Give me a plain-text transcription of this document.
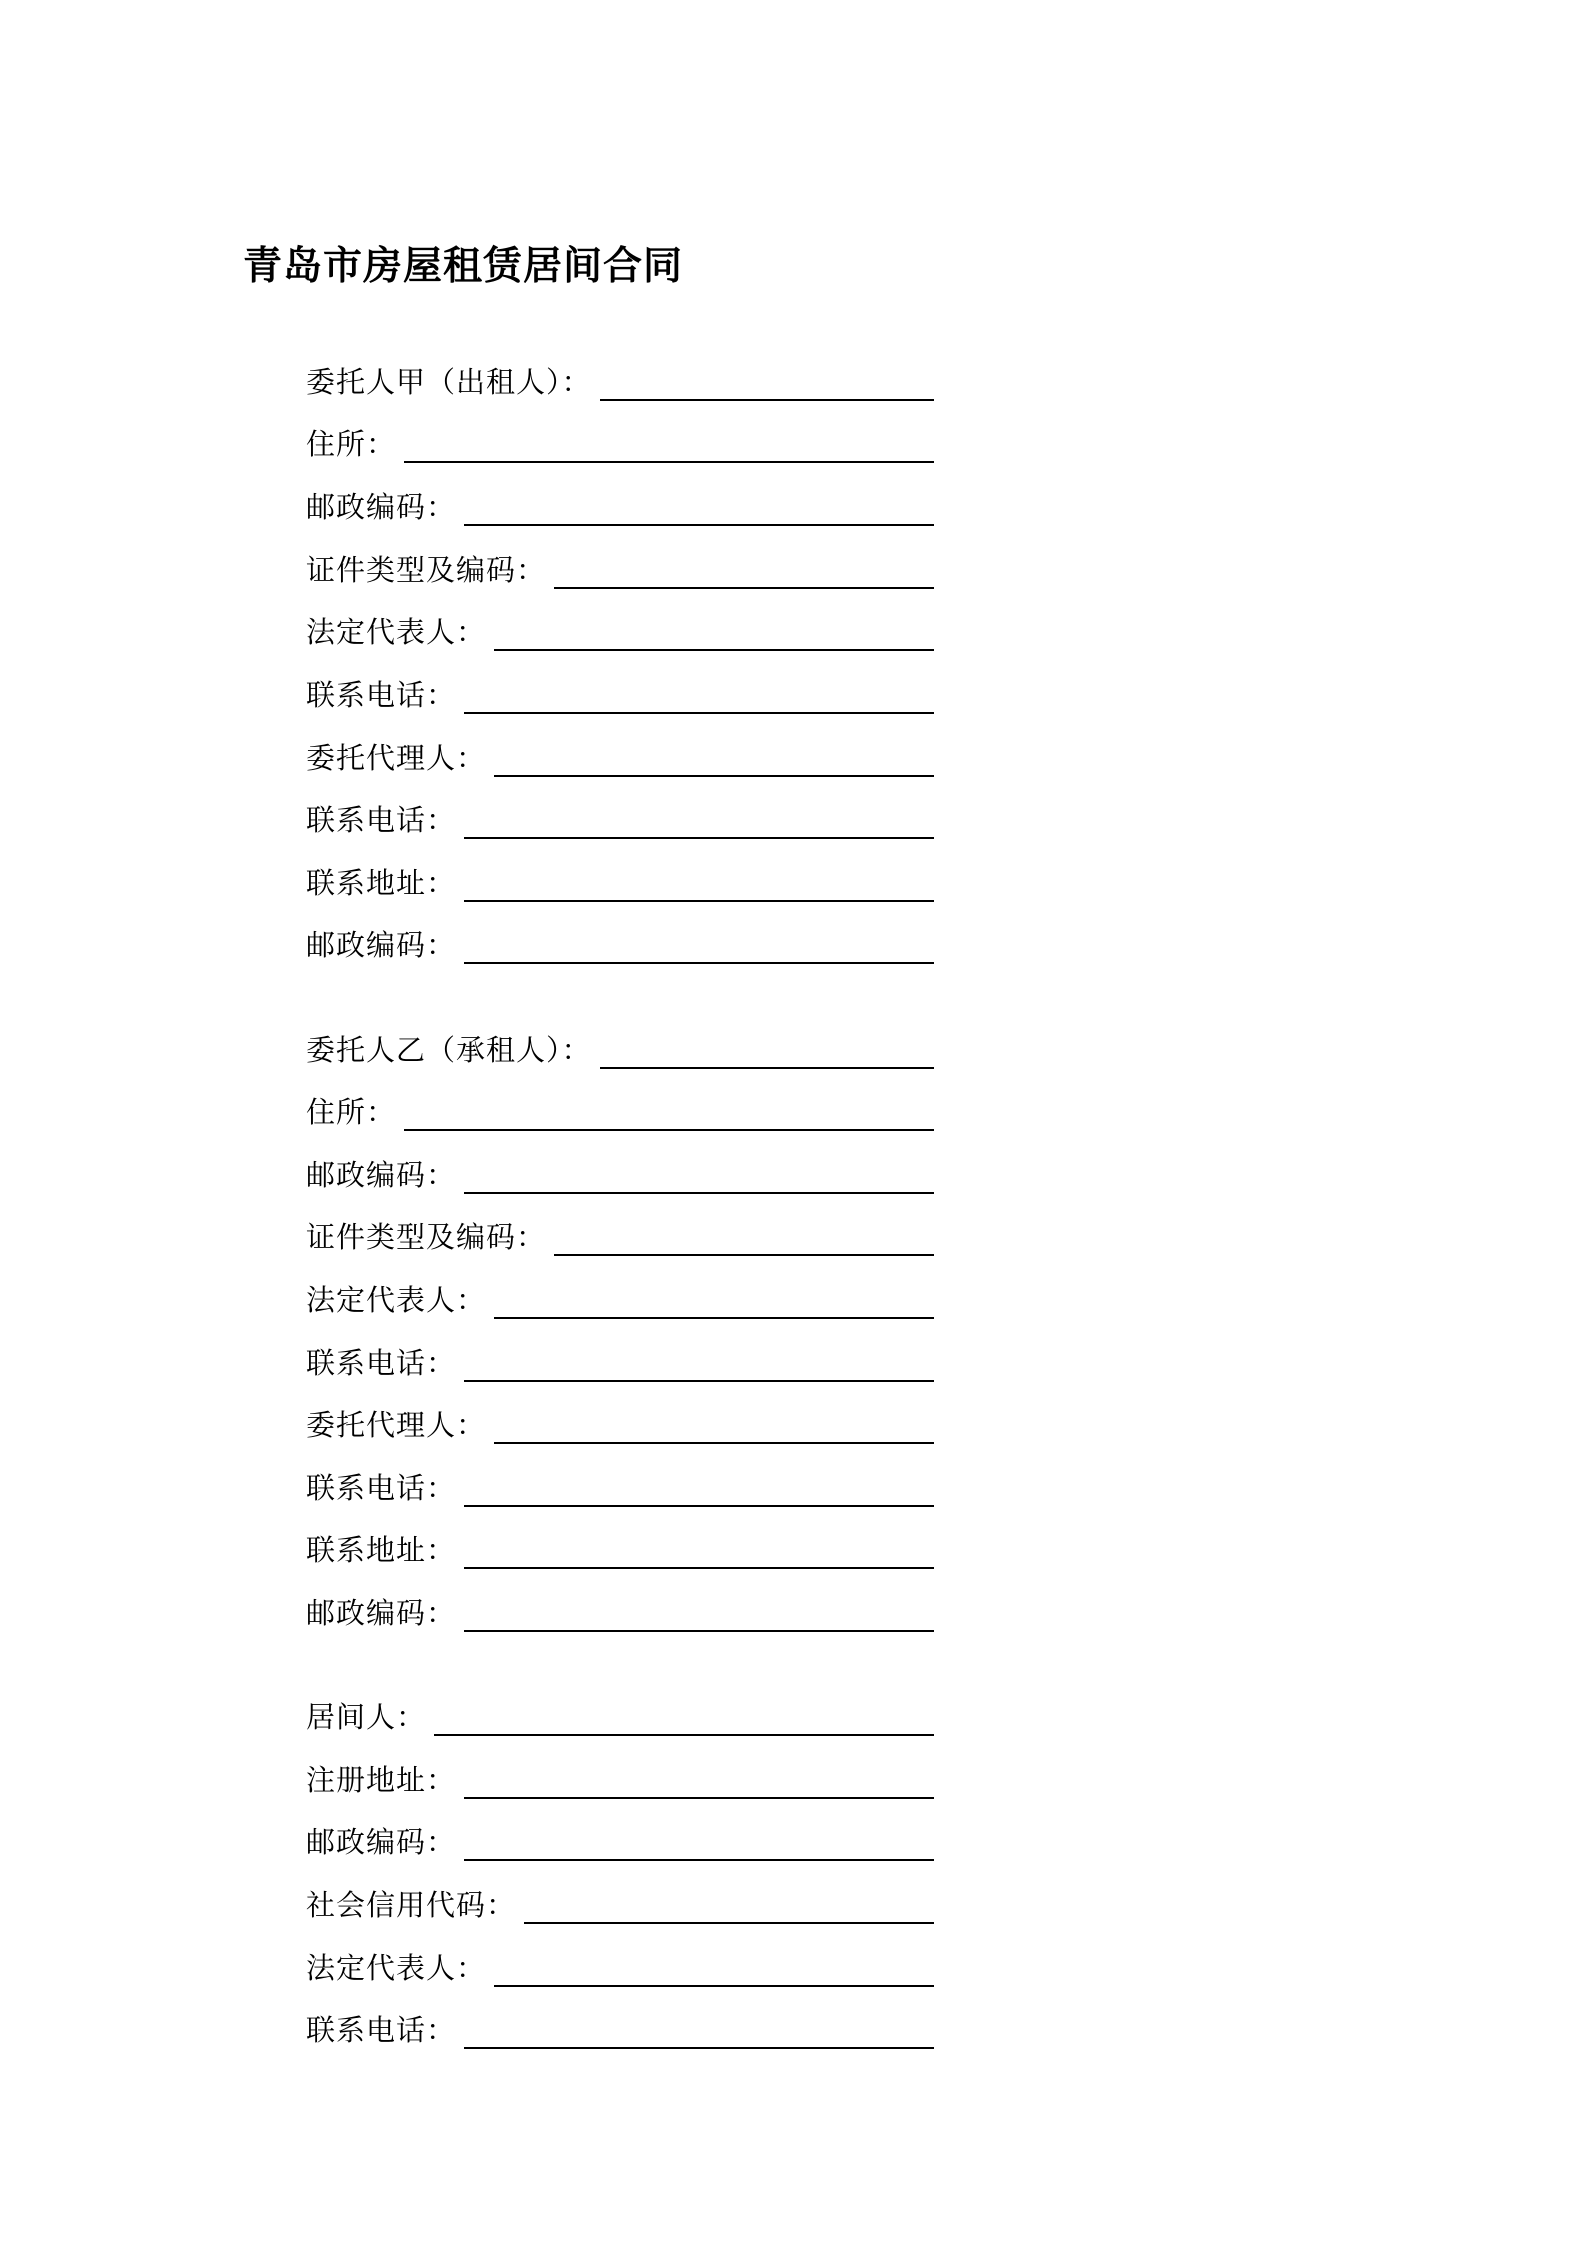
青岛市房屋租赁居间合同
委托人甲（出租人）：
住所：
邮政编码：
证件类型及编码：
法定代表人：
联系电话：
委托代理人：
联系电话：
联系地址：
邮政编码：
委托人乙（承租人）：
住所：
邮政编码：
证件类型及编码：
法定代表人：
联系电话：
委托代理人：
联系电话：
联系地址：
邮政编码：
居间人：
注册地址：
邮政编码：
社会信用代码：
法定代表人：
联系电话：
